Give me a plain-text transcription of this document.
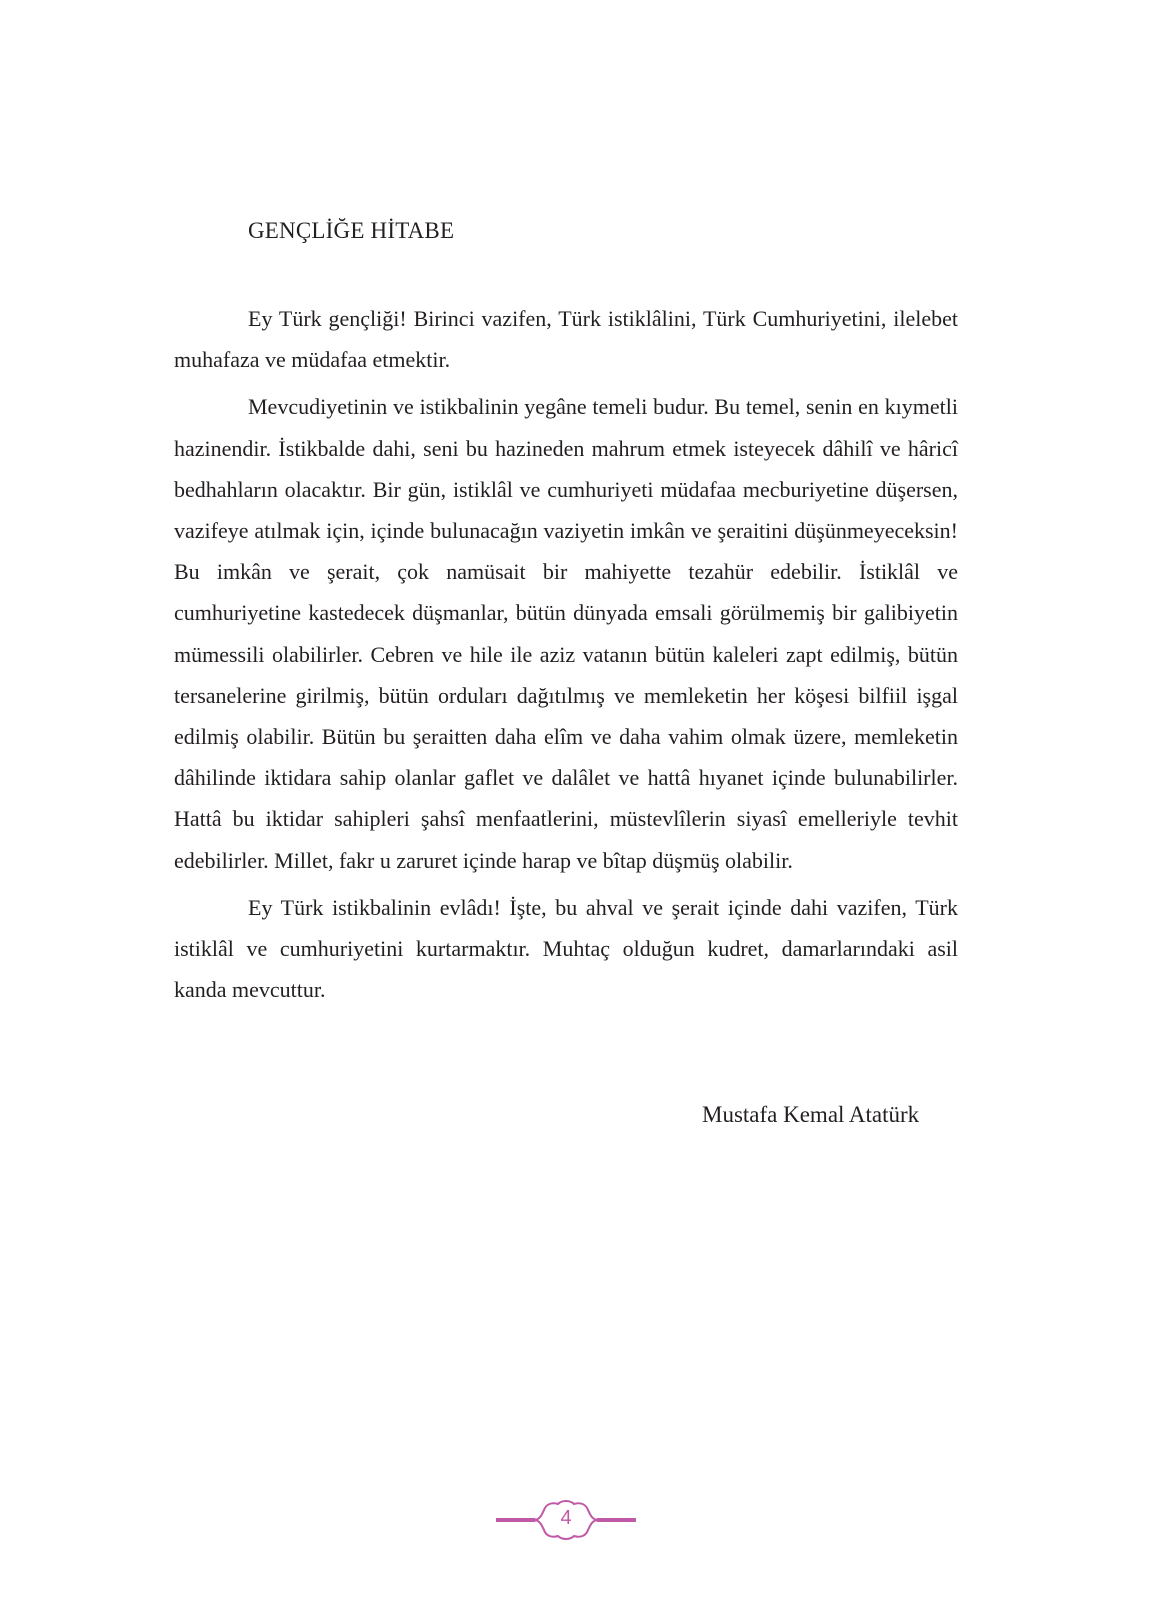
GENÇLİĞE HİTABE

Ey Türk gençliği! Birinci vazifen, Türk istiklâlini, Türk Cumhuriyetini, ilelebet muhafaza ve müdafaa etmektir.

Mevcudiyetinin ve istikbalinin yegâne temeli budur. Bu temel, senin en kıymetli hazinendir. İstikbalde dahi, seni bu hazineden mahrum etmek isteyecek dâhilî ve hâricî bedhahların olacaktır. Bir gün, istiklâl ve cumhuriyeti müdafaa mecburiyetine düşersen, vazifeye atılmak için, içinde bulunacağın vaziyetin imkân ve şeraitini düşünmeyeceksin! Bu imkân ve şerait, çok namüsait bir mahiyette tezahür edebilir. İstiklâl ve cumhuriyetine kastedecek düşmanlar, bütün dünyada emsali görülmemiş bir galibiyetin mümessili olabilirler. Cebren ve hile ile aziz vatanın bütün kaleleri zapt edilmiş, bütün tersanelerine girilmiş, bütün orduları dağıtılmış ve memleketin her köşesi bilfiil işgal edilmiş olabilir. Bütün bu şeraitten daha elîm ve daha vahim olmak üzere, memleketin dâhilinde iktidara sahip olanlar gaflet ve dalâlet ve hattâ hıyanet içinde bulunabilirler. Hattâ bu iktidar sahipleri şahsî menfaatlerini, müstevlîlerin siyasî emelleriyle tevhit edebilirler. Millet, fakr u zaruret içinde harap ve bîtap düşmüş olabilir.

Ey Türk istikbalinin evlâdı! İşte, bu ahval ve şerait içinde dahi vazifen, Türk istiklâl ve cumhuriyetini kurtarmaktır. Muhtaç olduğun kudret, damarlarındaki asil kanda mevcuttur.

Mustafa Kemal Atatürk

4
